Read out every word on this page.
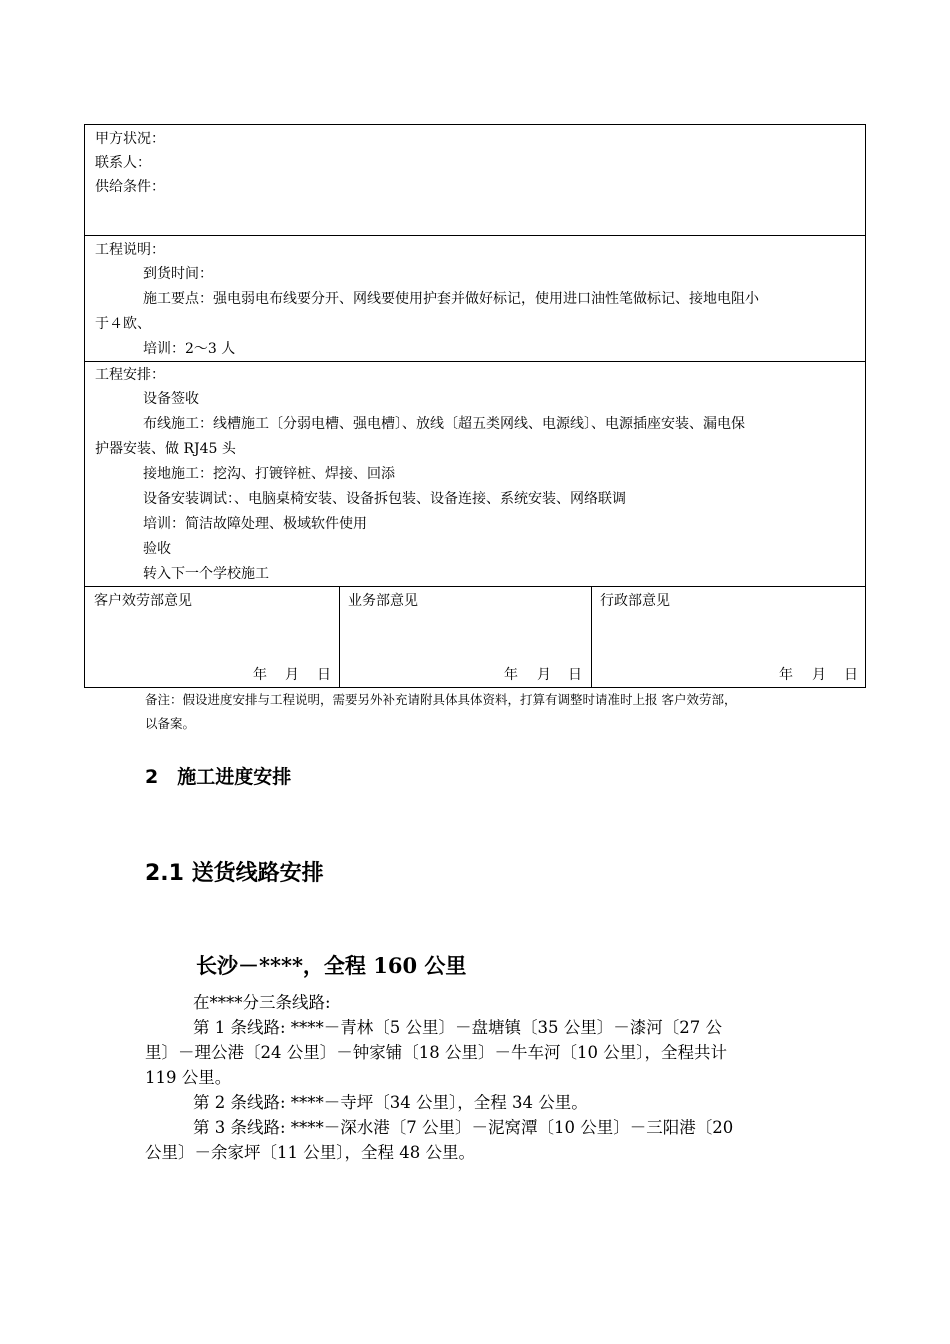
甲方状况：
联系人：
供给条件：
工程说明：
到货时间：
施工要点：强电弱电布线要分开、网线要使用护套并做好标记，使用进口油性笔做标记、接地电阻小
于４欧、
培训：2～3 人
工程安排：
设备签收
布线施工：线槽施工〔分弱电槽、强电槽〕、放线〔超五类网线、电源线〕、电源插座安装、漏电保
护器安装、做 RJ45 头
接地施工：挖沟、打镀锌桩、焊接、回添
设备安装调试：、电脑桌椅安装、设备拆包装、设备连接、系统安装、网络联调
培训：简洁故障处理、极域软件使用
验收
转入下一个学校施工
客户效劳部意见
年 月 日
业务部意见
年 月 日
行政部意见
年 月 日
备注：假设进度安排与工程说明，需要另外补充请附具体具体资料，打算有调整时请准时上报 客户效劳部，
以备案。
2　施工进度安排
2.1 送货线路安排
长沙－****，全程 160 公里
在****分三条线路:
第 1 条线路: ****－青林〔5 公里〕－盘塘镇〔35 公里〕－漆河〔27 公
里〕－理公港〔24 公里〕－钟家铺〔18 公里〕－牛车河〔10 公里〕，全程共计
119 公里。
第 2 条线路: ****－寺坪〔34 公里〕，全程 34 公里。
第 3 条线路: ****－深水港〔7 公里〕－泥窝潭〔10 公里〕－三阳港〔20
公里〕－余家坪〔11 公里〕，全程 48 公里。
